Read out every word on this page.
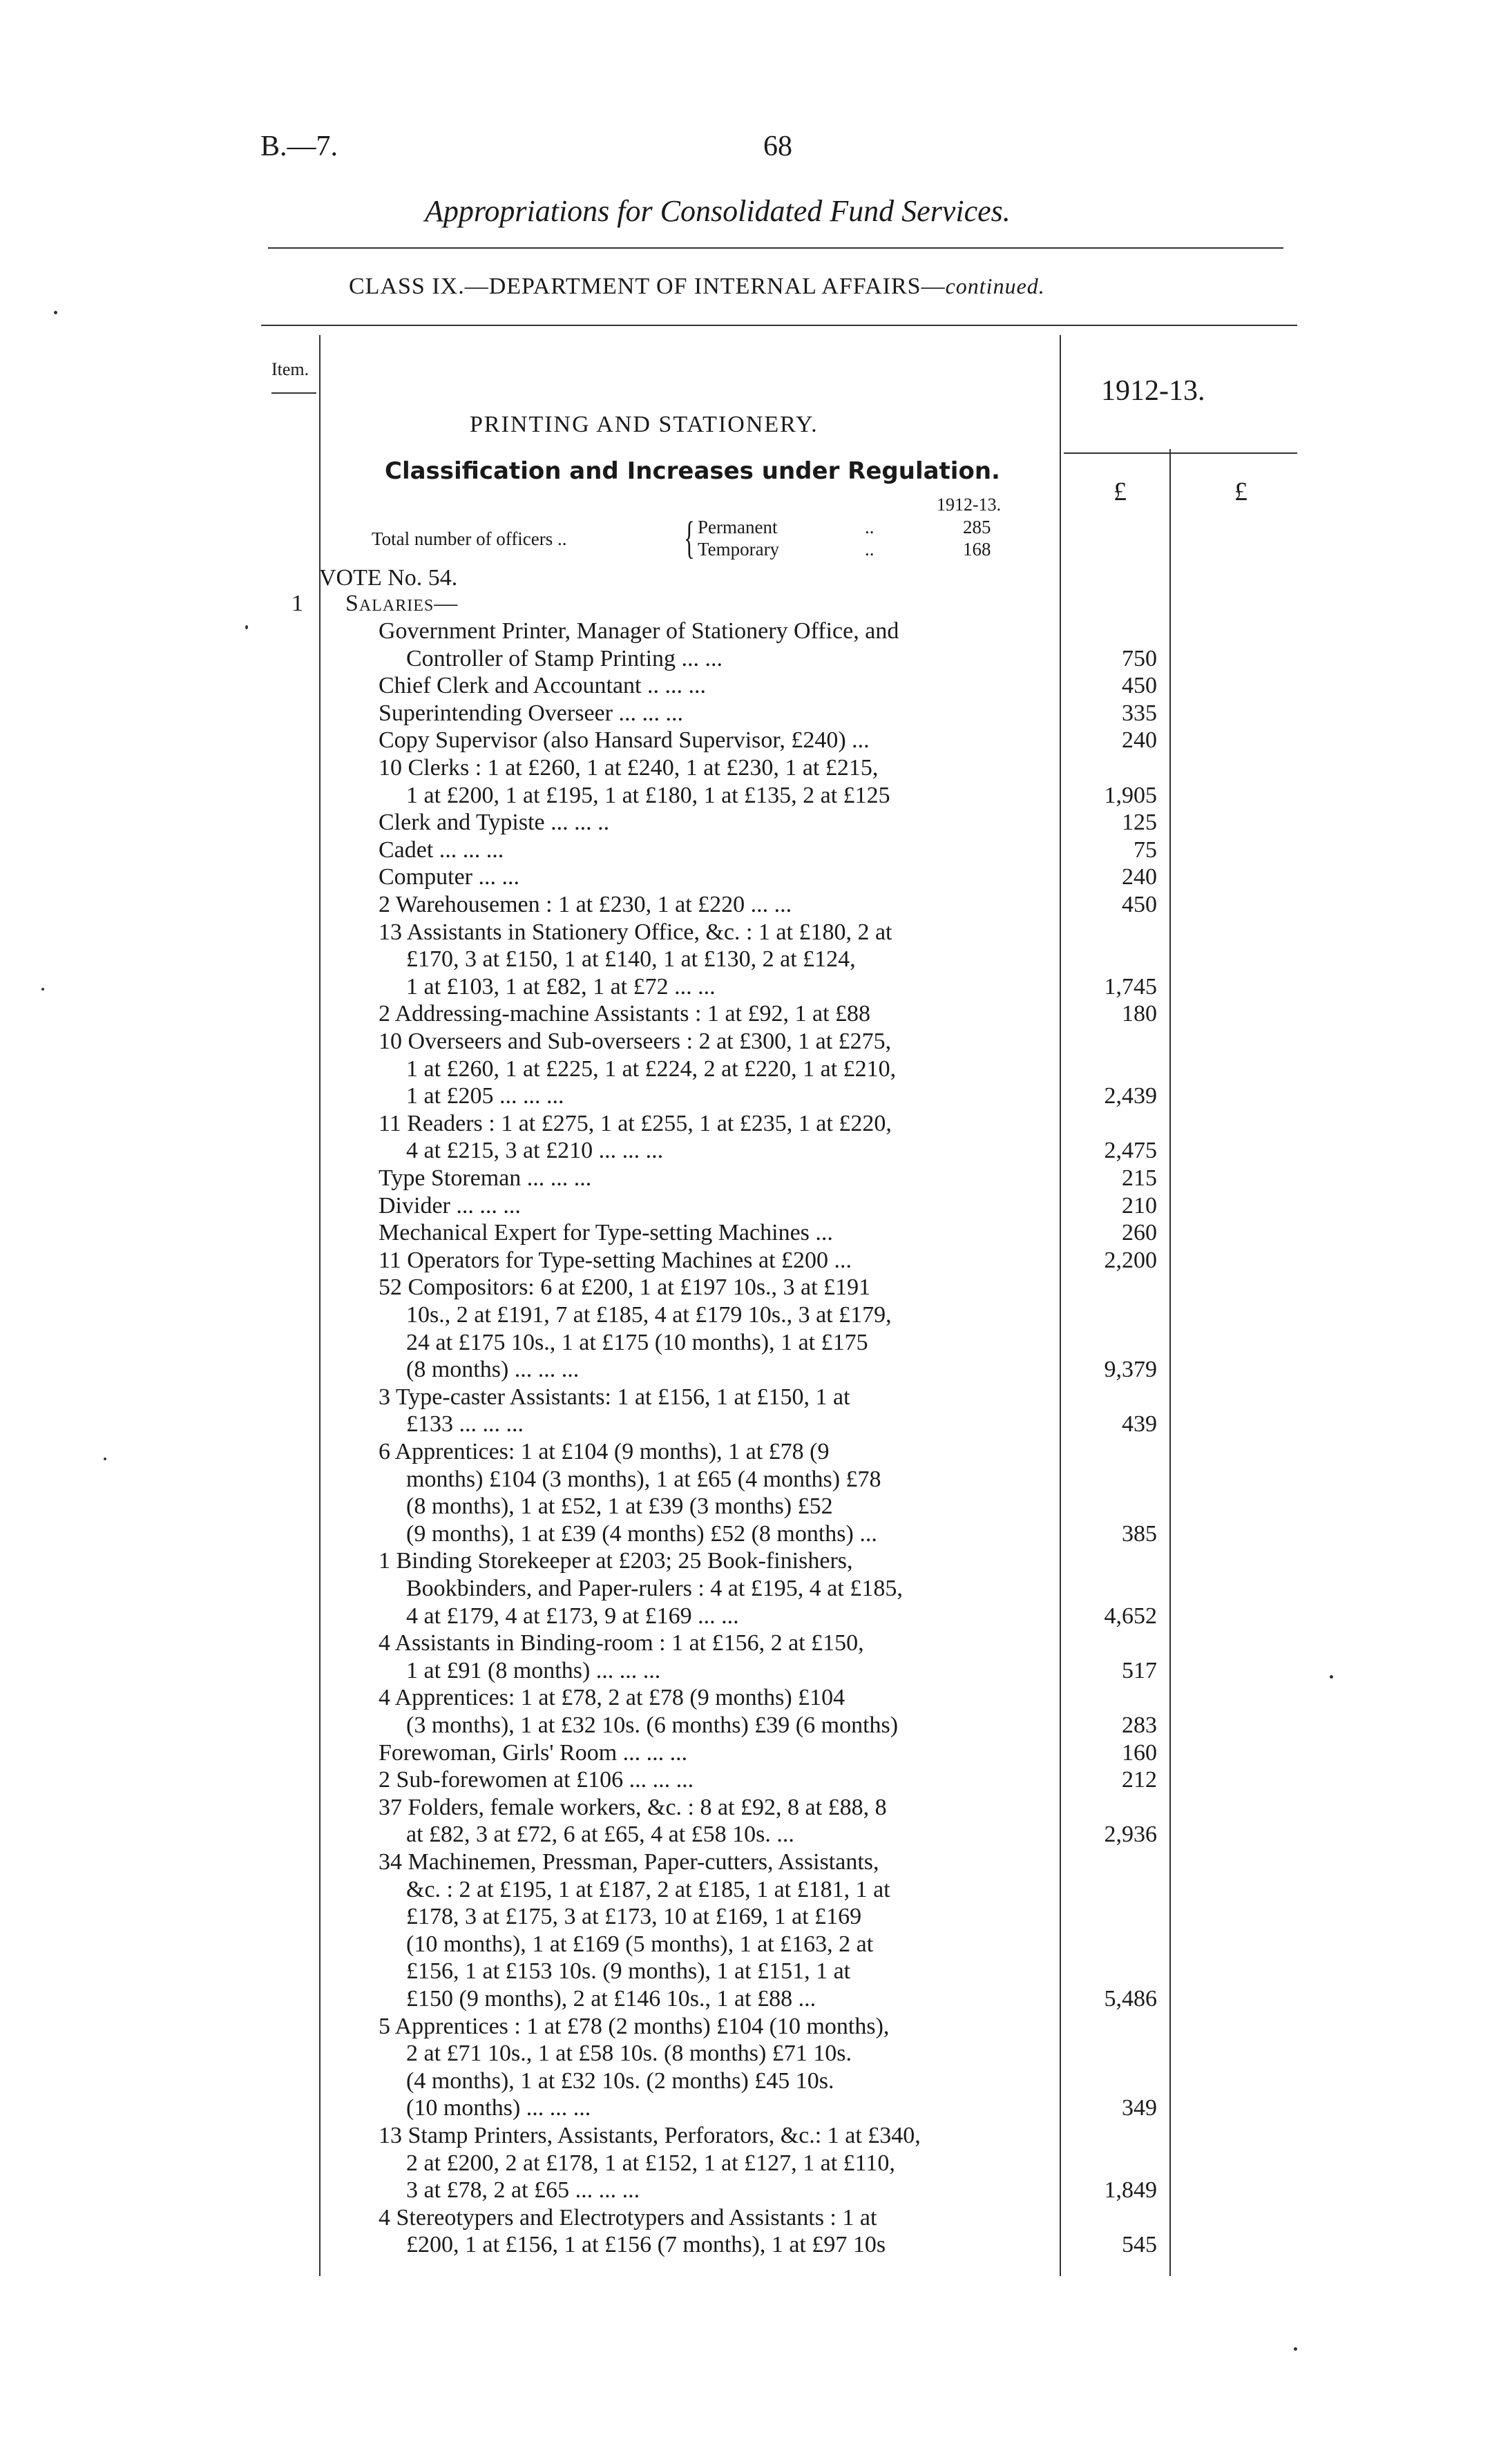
B.—7.	68
Appropriations for Consolidated Fund Services.
CLASS IX.—DEPARTMENT OF INTERNAL AFFAIRS—continued.
Item.
1912-13.
£	£
PRINTING AND STATIONERY.
Classification and Increases under Regulation.
1912-13.
Total number of officers ..	{ Permanent	..	285
Temporary	..	168
VOTE No. 54.
1 Salaries—
Government Printer, Manager of Stationery Office, and
Controller of Stamp Printing ... ...	750
Chief Clerk and Accountant .. ... ...	450
Superintending Overseer ... ... ...	335
Copy Supervisor (also Hansard Supervisor, £240) ...	240
10 Clerks : 1 at £260, 1 at £240, 1 at £230, 1 at £215,
1 at £200, 1 at £195, 1 at £180, 1 at £135, 2 at £125	1,905
Clerk and Typiste ... ... ..	125
Cadet ... ... ...	75
Computer ... ...	240
2 Warehousemen : 1 at £230, 1 at £220 ... ...	450
13 Assistants in Stationery Office, &c. : 1 at £180, 2 at
£170, 3 at £150, 1 at £140, 1 at £130, 2 at £124,
1 at £103, 1 at £82, 1 at £72 ... ...	1,745
2 Addressing-machine Assistants : 1 at £92, 1 at £88	180
10 Overseers and Sub-overseers : 2 at £300, 1 at £275,
1 at £260, 1 at £225, 1 at £224, 2 at £220, 1 at £210,
1 at £205 ... ... ...	2,439
11 Readers : 1 at £275, 1 at £255, 1 at £235, 1 at £220,
4 at £215, 3 at £210 ... ... ...	2,475
Type Storeman ... ... ...	215
Divider ... ... ...	210
Mechanical Expert for Type-setting Machines ...	260
11 Operators for Type-setting Machines at £200 ...	2,200
52 Compositors: 6 at £200, 1 at £197 10s., 3 at £191
10s., 2 at £191, 7 at £185, 4 at £179 10s., 3 at £179,
24 at £175 10s., 1 at £175 (10 months), 1 at £175
(8 months) ... ... ...	9,379
3 Type-caster Assistants: 1 at £156, 1 at £150, 1 at
£133 ... ... ...	439
6 Apprentices: 1 at £104 (9 months), 1 at £78 (9
months) £104 (3 months), 1 at £65 (4 months) £78
(8 months), 1 at £52, 1 at £39 (3 months) £52
(9 months), 1 at £39 (4 months) £52 (8 months) ...	385
1 Binding Storekeeper at £203; 25 Book-finishers,
Bookbinders, and Paper-rulers : 4 at £195, 4 at £185,
4 at £179, 4 at £173, 9 at £169 ... ...	4,652
4 Assistants in Binding-room : 1 at £156, 2 at £150,
1 at £91 (8 months) ... ... ...	517
4 Apprentices: 1 at £78, 2 at £78 (9 months) £104
(3 months), 1 at £32 10s. (6 months) £39 (6 months)	283
Forewoman, Girls' Room ... ... ...	160
2 Sub-forewomen at £106 ... ... ...	212
37 Folders, female workers, &c. : 8 at £92, 8 at £88, 8
at £82, 3 at £72, 6 at £65, 4 at £58 10s. ...	2,936
34 Machinemen, Pressman, Paper-cutters, Assistants,
&c. : 2 at £195, 1 at £187, 2 at £185, 1 at £181, 1 at
£178, 3 at £175, 3 at £173, 10 at £169, 1 at £169
(10 months), 1 at £169 (5 months), 1 at £163, 2 at
£156, 1 at £153 10s. (9 months), 1 at £151, 1 at
£150 (9 months), 2 at £146 10s., 1 at £88 ...	5,486
5 Apprentices : 1 at £78 (2 months) £104 (10 months),
2 at £71 10s., 1 at £58 10s. (8 months) £71 10s.
(4 months), 1 at £32 10s. (2 months) £45 10s.
(10 months) ... ... ...	349
13 Stamp Printers, Assistants, Perforators, &c.: 1 at £340,
2 at £200, 2 at £178, 1 at £152, 1 at £127, 1 at £110,
3 at £78, 2 at £65 ... ... ...	1,849
4 Stereotypers and Electrotypers and Assistants : 1 at
£200, 1 at £156, 1 at £156 (7 months), 1 at £97 10s	545
